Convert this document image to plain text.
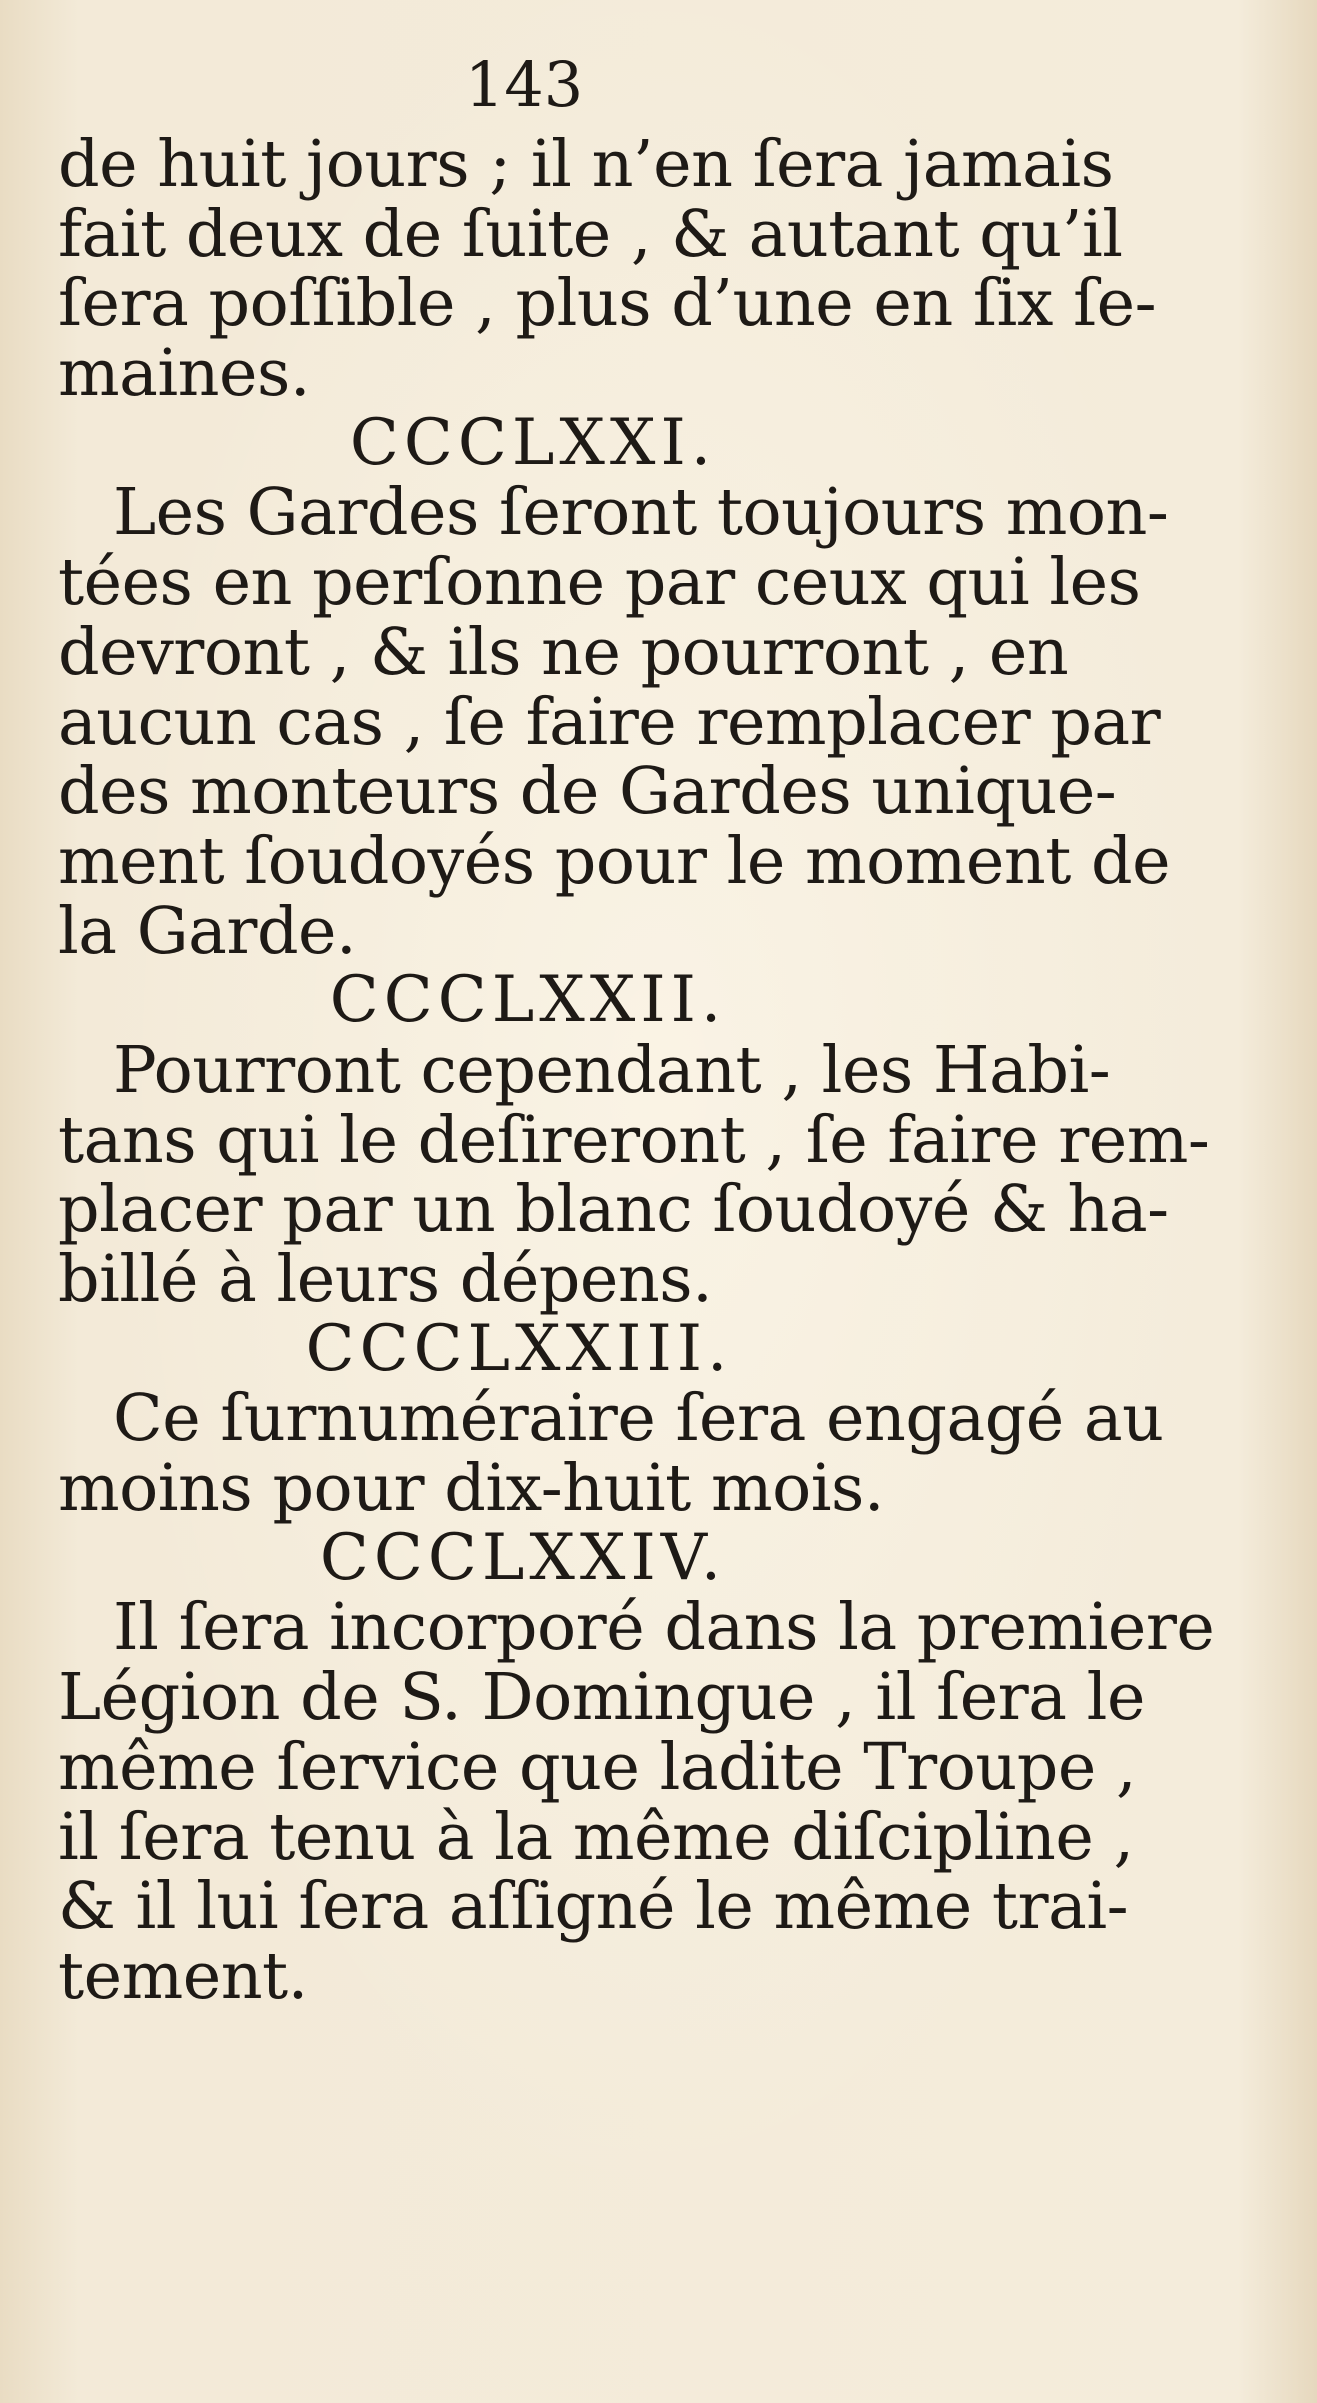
143
de huit jours ; il n’en ſera jamais
fait deux de ſuite , & autant qu’il
ſera poſſible , plus d’une en ſix ſe-
maines.
CCCLXXI.
Les Gardes ſeront toujours mon-
tées en perſonne par ceux qui les
devront , & ils ne pourront , en
aucun cas , ſe faire remplacer par
des monteurs de Gardes unique-
ment ſoudoyés pour le moment de
la Garde.
CCCLXXII.
Pourront cependant , les Habi-
tans qui le deſireront , ſe faire rem-
placer par un blanc ſoudoyé & ha-
billé à leurs dépens.
CCCLXXIII.
Ce ſurnuméraire ſera engagé au
moins pour dix-huit mois.
CCCLXXIV.
Il ſera incorporé dans la premiere
Légion de S. Domingue , il ſera le
même ſervice que ladite Troupe ,
il ſera tenu à la même diſcipline ,
& il lui ſera aſſigné le même trai-
tement.
